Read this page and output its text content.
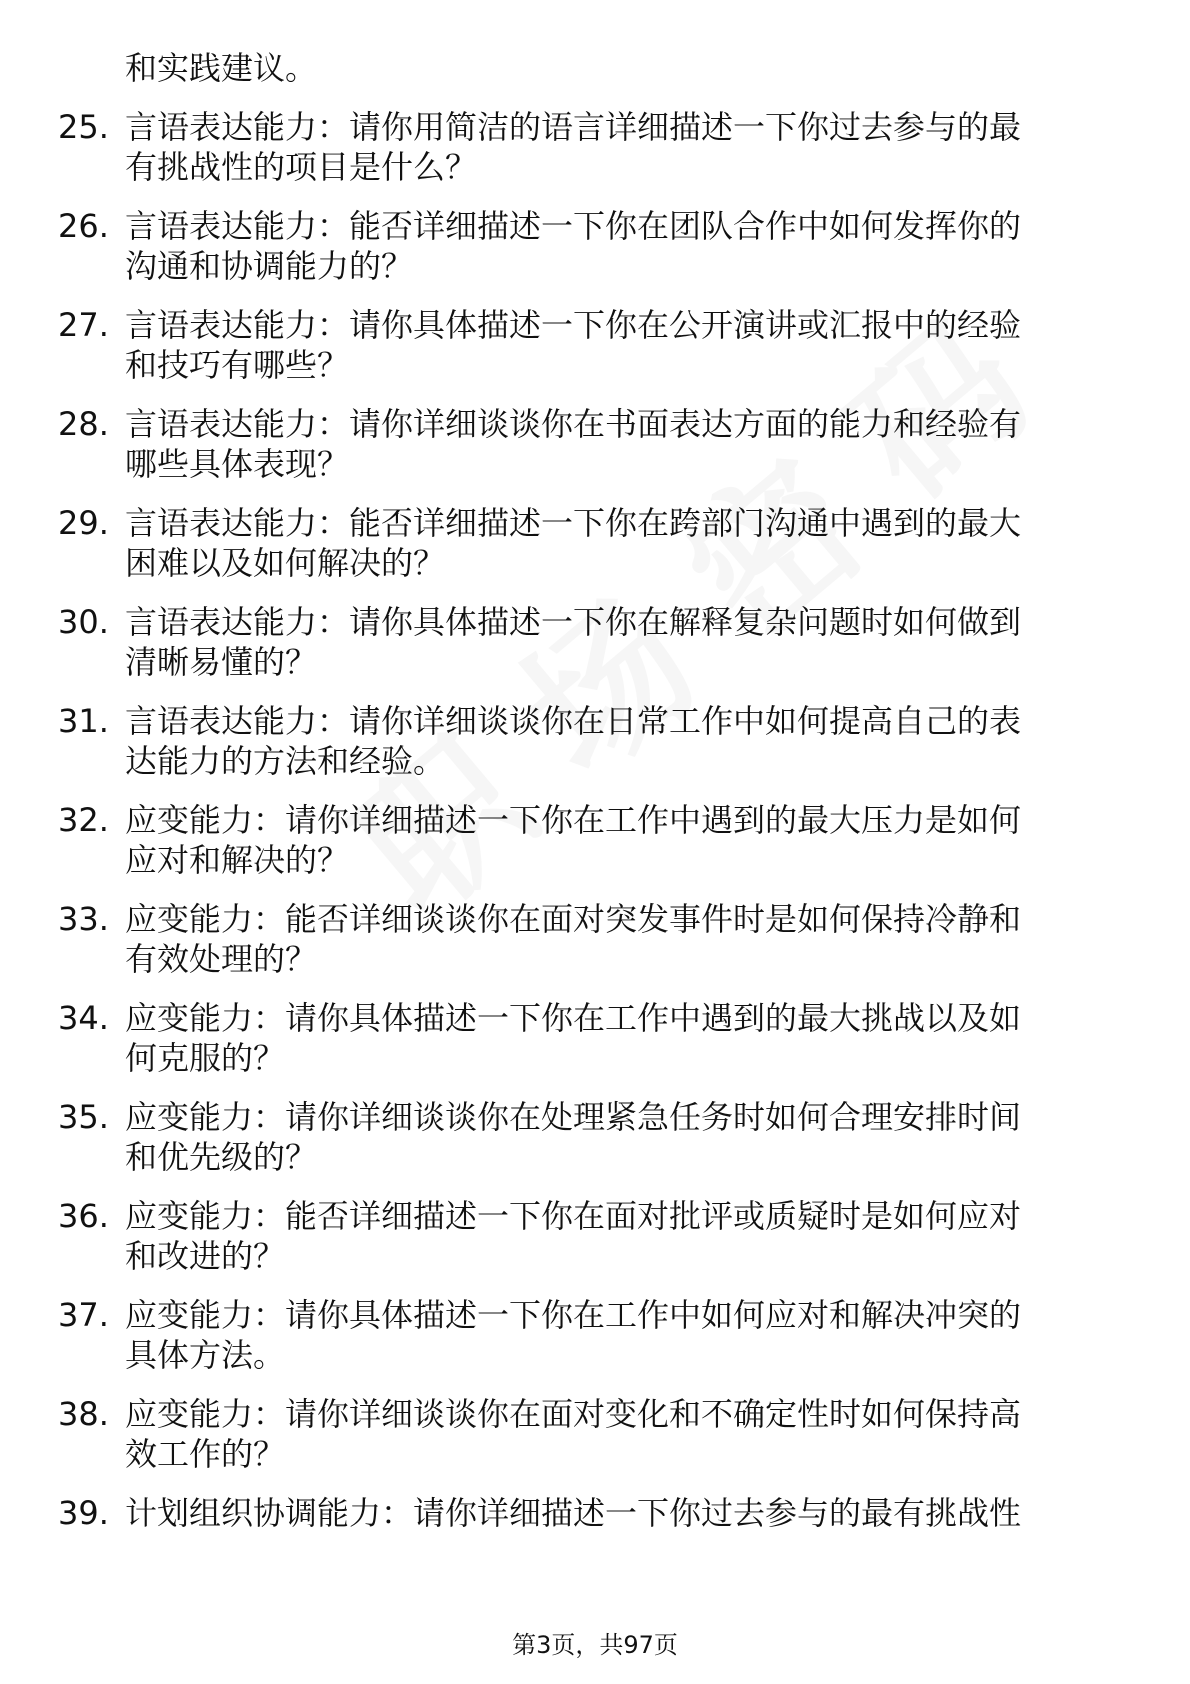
和实践建议。
25. 言语表达能力：请你用简洁的语言详细描述一下你过去参与的最
有挑战性的项目是什么？
26. 言语表达能力：能否详细描述一下你在团队合作中如何发挥你的
沟通和协调能力的？
27. 言语表达能力：请你具体描述一下你在公开演讲或汇报中的经验
和技巧有哪些？
28. 言语表达能力：请你详细谈谈你在书面表达方面的能力和经验有
哪些具体表现？
29. 言语表达能力：能否详细描述一下你在跨部门沟通中遇到的最大
困难以及如何解决的？
30. 言语表达能力：请你具体描述一下你在解释复杂问题时如何做到
清晰易懂的？
31. 言语表达能力：请你详细谈谈你在日常工作中如何提高自己的表
达能力的方法和经验。
32. 应变能力：请你详细描述一下你在工作中遇到的最大压力是如何
应对和解决的？
33. 应变能力：能否详细谈谈你在面对突发事件时是如何保持冷静和
有效处理的？
34. 应变能力：请你具体描述一下你在工作中遇到的最大挑战以及如
何克服的？
35. 应变能力：请你详细谈谈你在处理紧急任务时如何合理安排时间
和优先级的？
36. 应变能力：能否详细描述一下你在面对批评或质疑时是如何应对
和改进的？
37. 应变能力：请你具体描述一下你在工作中如何应对和解决冲突的
具体方法。
38. 应变能力：请你详细谈谈你在面对变化和不确定性时如何保持高
效工作的？
39. 计划组织协调能力：请你详细描述一下你过去参与的最有挑战性
第3页，共97页
